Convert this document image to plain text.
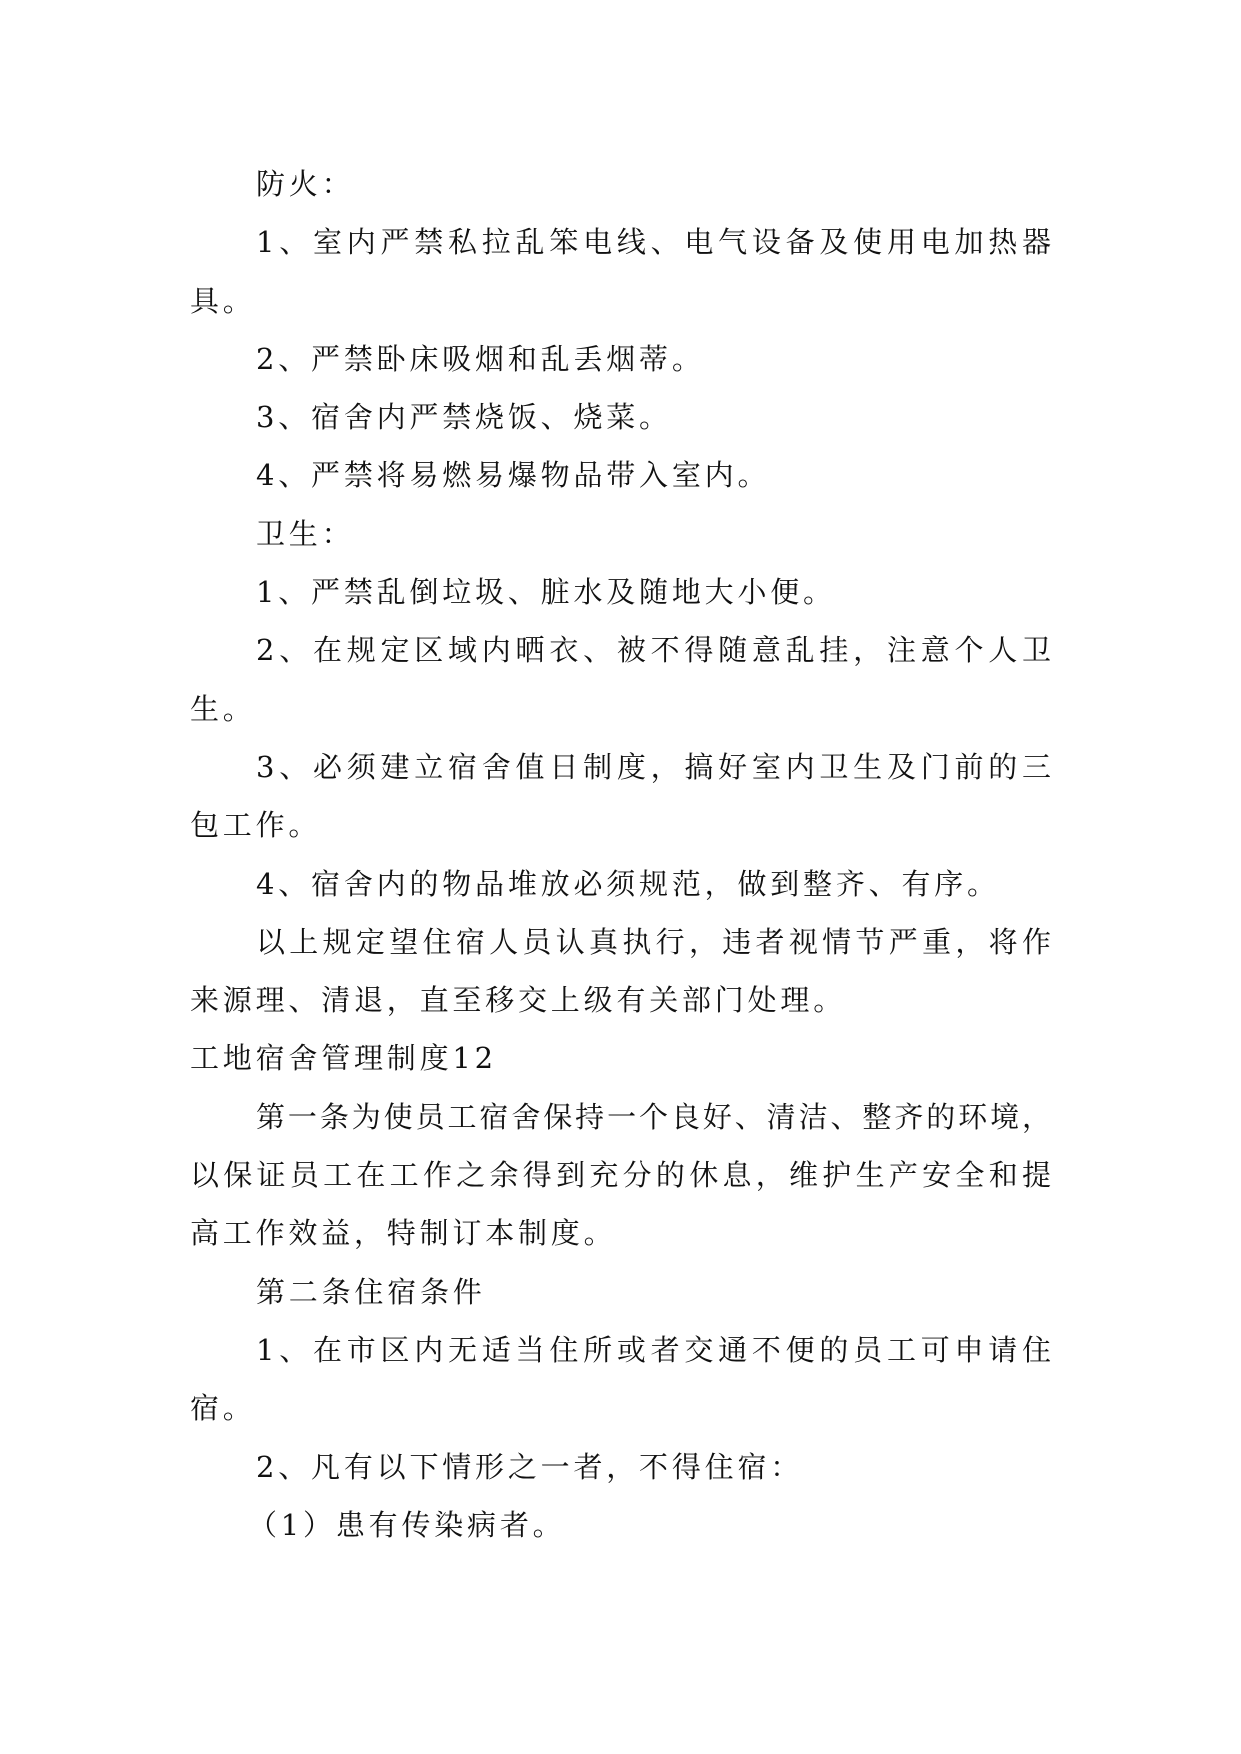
防火：
1、室内严禁私拉乱笨电线、电气设备及使用电加热器
具。
2、严禁卧床吸烟和乱丢烟蒂。
3、宿舍内严禁烧饭、烧菜。
4、严禁将易燃易爆物品带入室内。
卫生：
1、严禁乱倒垃圾、脏水及随地大小便。
2、在规定区域内晒衣、被不得随意乱挂，注意个人卫
生。
3、必须建立宿舍值日制度，搞好室内卫生及门前的三
包工作。
4、宿舍内的物品堆放必须规范，做到整齐、有序。
以上规定望住宿人员认真执行，违者视情节严重，将作
来源理、清退，直至移交上级有关部门处理。
工地宿舍管理制度12
第一条为使员工宿舍保持一个良好、清洁、整齐的环境，
以保证员工在工作之余得到充分的休息，维护生产安全和提
高工作效益，特制订本制度。
第二条住宿条件
1、在市区内无适当住所或者交通不便的员工可申请住
宿。
2、凡有以下情形之一者，不得住宿：
（1）患有传染病者。
